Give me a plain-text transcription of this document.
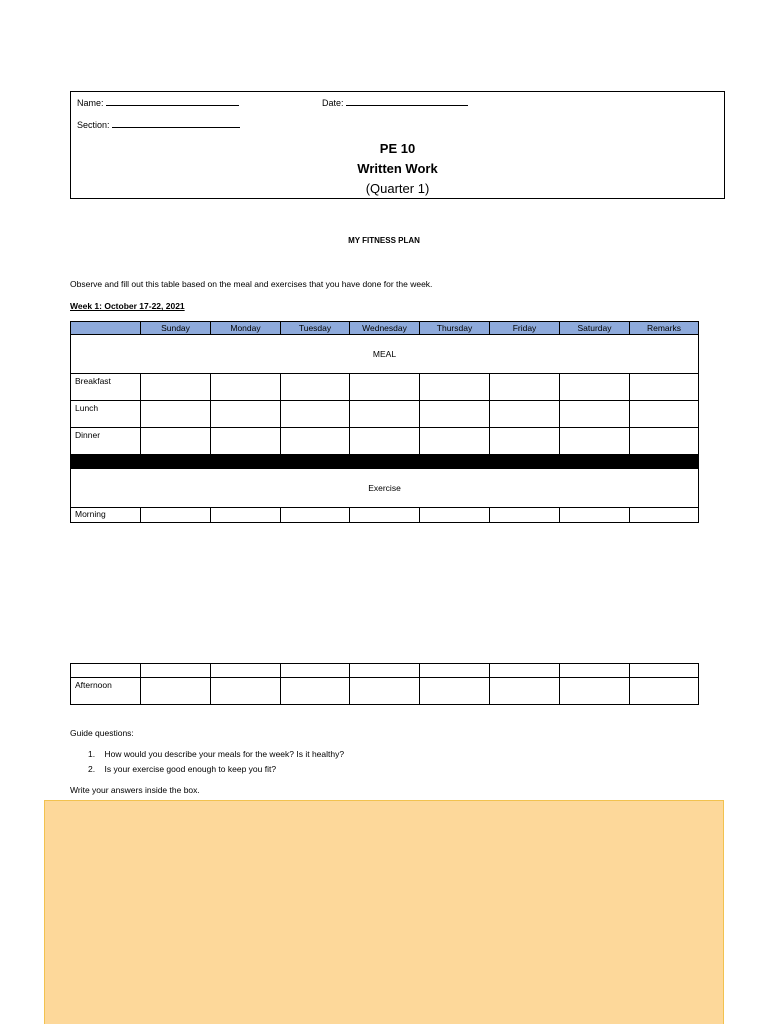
Name:	Date:
Section:
PE 10
Written Work
(Quarter 1)
MY FITNESS PLAN
Observe and fill out this table based on the meal and exercises that you have done for the week.
Week 1: October 17-22, 2021
	Sunday	Monday	Tuesday	Wednesday	Thursday	Friday	Saturday	Remarks
MEAL								
Breakfast								
Lunch								
Dinner								

Exercise								
Morning								

Afternoon								
Guide questions:
1. How would you describe your meals for the week? Is it healthy?
2. Is your exercise good enough to keep you fit?
Write your answers inside the box.
